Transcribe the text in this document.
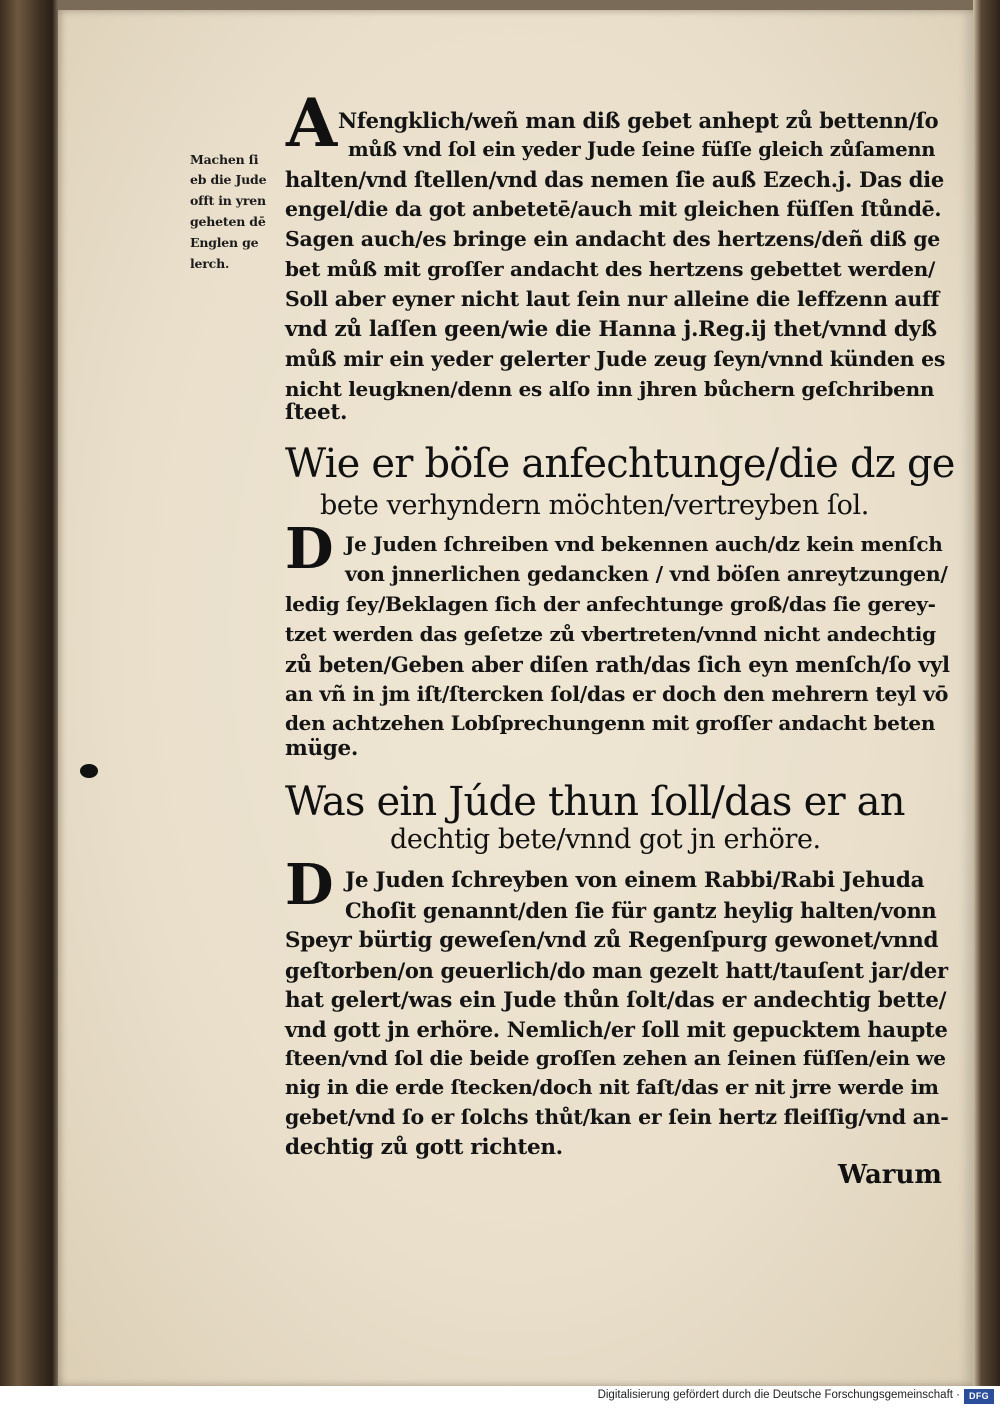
Machen ſi
eb die Jude
offt in yren
geheten dē
Englen ge
lerch.
A Nfengklich/weñ man diß gebet anhept zů bettenn/ſo
můß vnd ſol ein yeder Jude ſeine füſſe gleich zůſamenn
halten/vnd ſtellen/vnd das nemen ſie auß Ezech.j. Das die
engel/die da got anbetetē/auch mit gleichen füſſen ſtůndē.
Sagen auch/es bringe ein andacht des hertzens/deñ diß ge
bet můß mit groſſer andacht des hertzens gebettet werden/
Soll aber eyner nicht laut ſein nur alleine die leffzenn auff
vnd zů laſſen geen/wie die Hanna j.Reg.ij thet/vnnd dyß
můß mir ein yeder gelerter Jude zeug ſeyn/vnnd künden es
nicht leugknen/denn es alſo inn jhren bůchern geſchribenn
ſteet.
Wie er böſe anfechtunge/die dz ge
bete verhyndern möchten/vertreyben ſol.
D Je Juden ſchreiben vnd bekennen auch/dz kein menſch
von jnnerlichen gedancken / vnd böſen anreytzungen/
ledig ſey/Beklagen ſich der anfechtunge groß/das ſie gerey-
tzet werden das geſetze zů vbertreten/vnnd nicht andechtig
zů beten/Geben aber diſen rath/das ſich eyn menſch/ſo vyl
an vñ in jm iſt/ſtercken ſol/das er doch den mehrern teyl vō
den achtzehen Lobſprechungenn mit groſſer andacht beten
müge.
Was ein Júde thun ſoll/das er an
dechtig bete/vnnd got jn erhöre.
D Je Juden ſchreyben von einem Rabbi/Rabi Jehuda
Choſit genannt/den ſie für gantz heylig halten/vonn
Speyr bürtig geweſen/vnd zů Regenſpurg gewonet/vnnd
geſtorben/on geuerlich/do man gezelt hatt/tauſent jar/der
hat gelert/was ein Jude thůn ſolt/das er andechtig bette/
vnd gott jn erhöre. Nemlich/er ſoll mit gepucktem haupte
ſteen/vnd ſol die beide groſſen zehen an ſeinen füſſen/ein we
nig in die erde ſtecken/doch nit faſt/das er nit jrre werde im
gebet/vnd ſo er ſolchs thůt/kan er ſein hertz fleiſſig/vnd an-
dechtig zů gott richten.
Warum
Digitalisierung gefördert durch die Deutsche Forschungsgemeinschaft ·	DFG
